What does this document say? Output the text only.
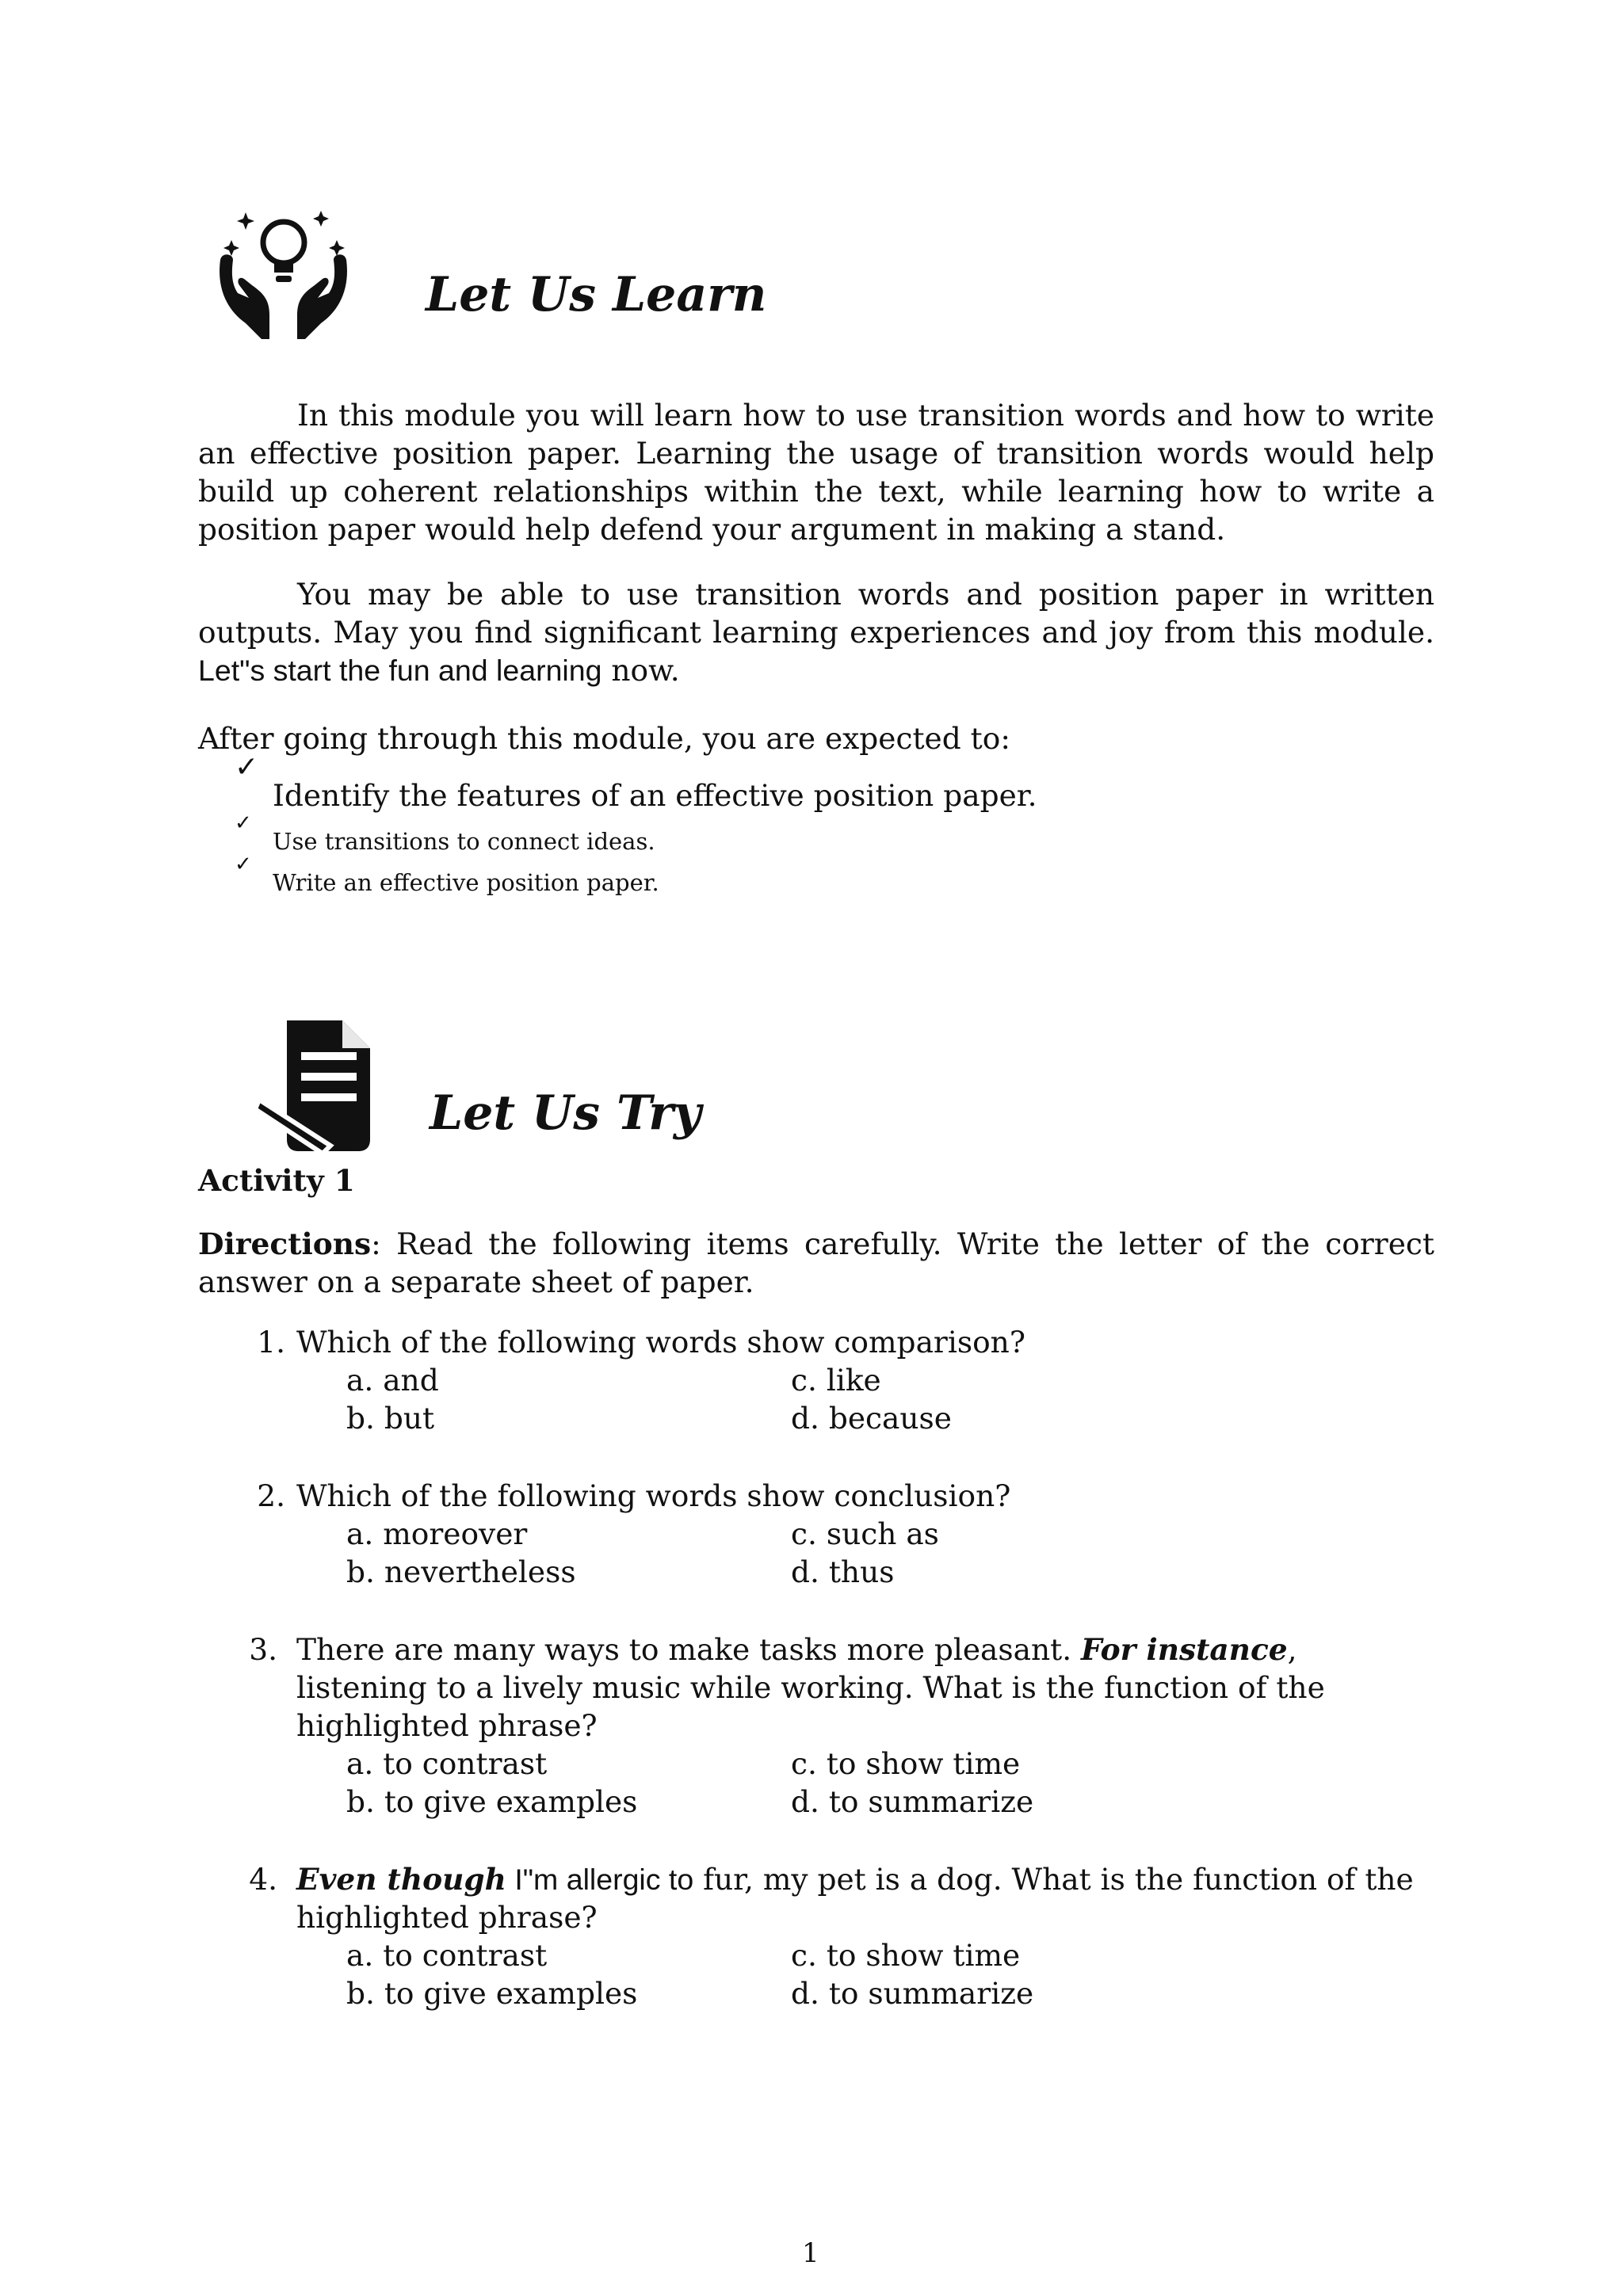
Let Us Learn
In this module you will learn how to use transition words and how to write an effective position paper. Learning the usage of transition words would help build up coherent relationships within the text, while learning how to write a position paper would help defend your argument in making a stand.
You may be able to use transition words and position paper in written outputs. May you find significant learning experiences and joy from this module. Let"s start the fun and learning now.
After going through this module, you are expected to:
✓
Identify the features of an effective position paper.
✓
Use transitions to connect ideas.
✓
Write an effective position paper.
Let Us Try
Activity 1
Directions: Read the following items carefully. Write the letter of the correct answer on a separate sheet of paper.
1. Which of the following words show comparison?
a. and
b. but
c. like
d. because
2. Which of the following words show conclusion?
a. moreover
b. nevertheless
c. such as
d. thus
3. There are many ways to make tasks more pleasant. For instance, listening to a lively music while working. What is the function of the highlighted phrase?
a. to contrast
b. to give examples
c. to show time
d. to summarize
4. Even though I"m allergic to fur, my pet is a dog. What is the function of the highlighted phrase?
a. to contrast
b. to give examples
c. to show time
d. to summarize
1
